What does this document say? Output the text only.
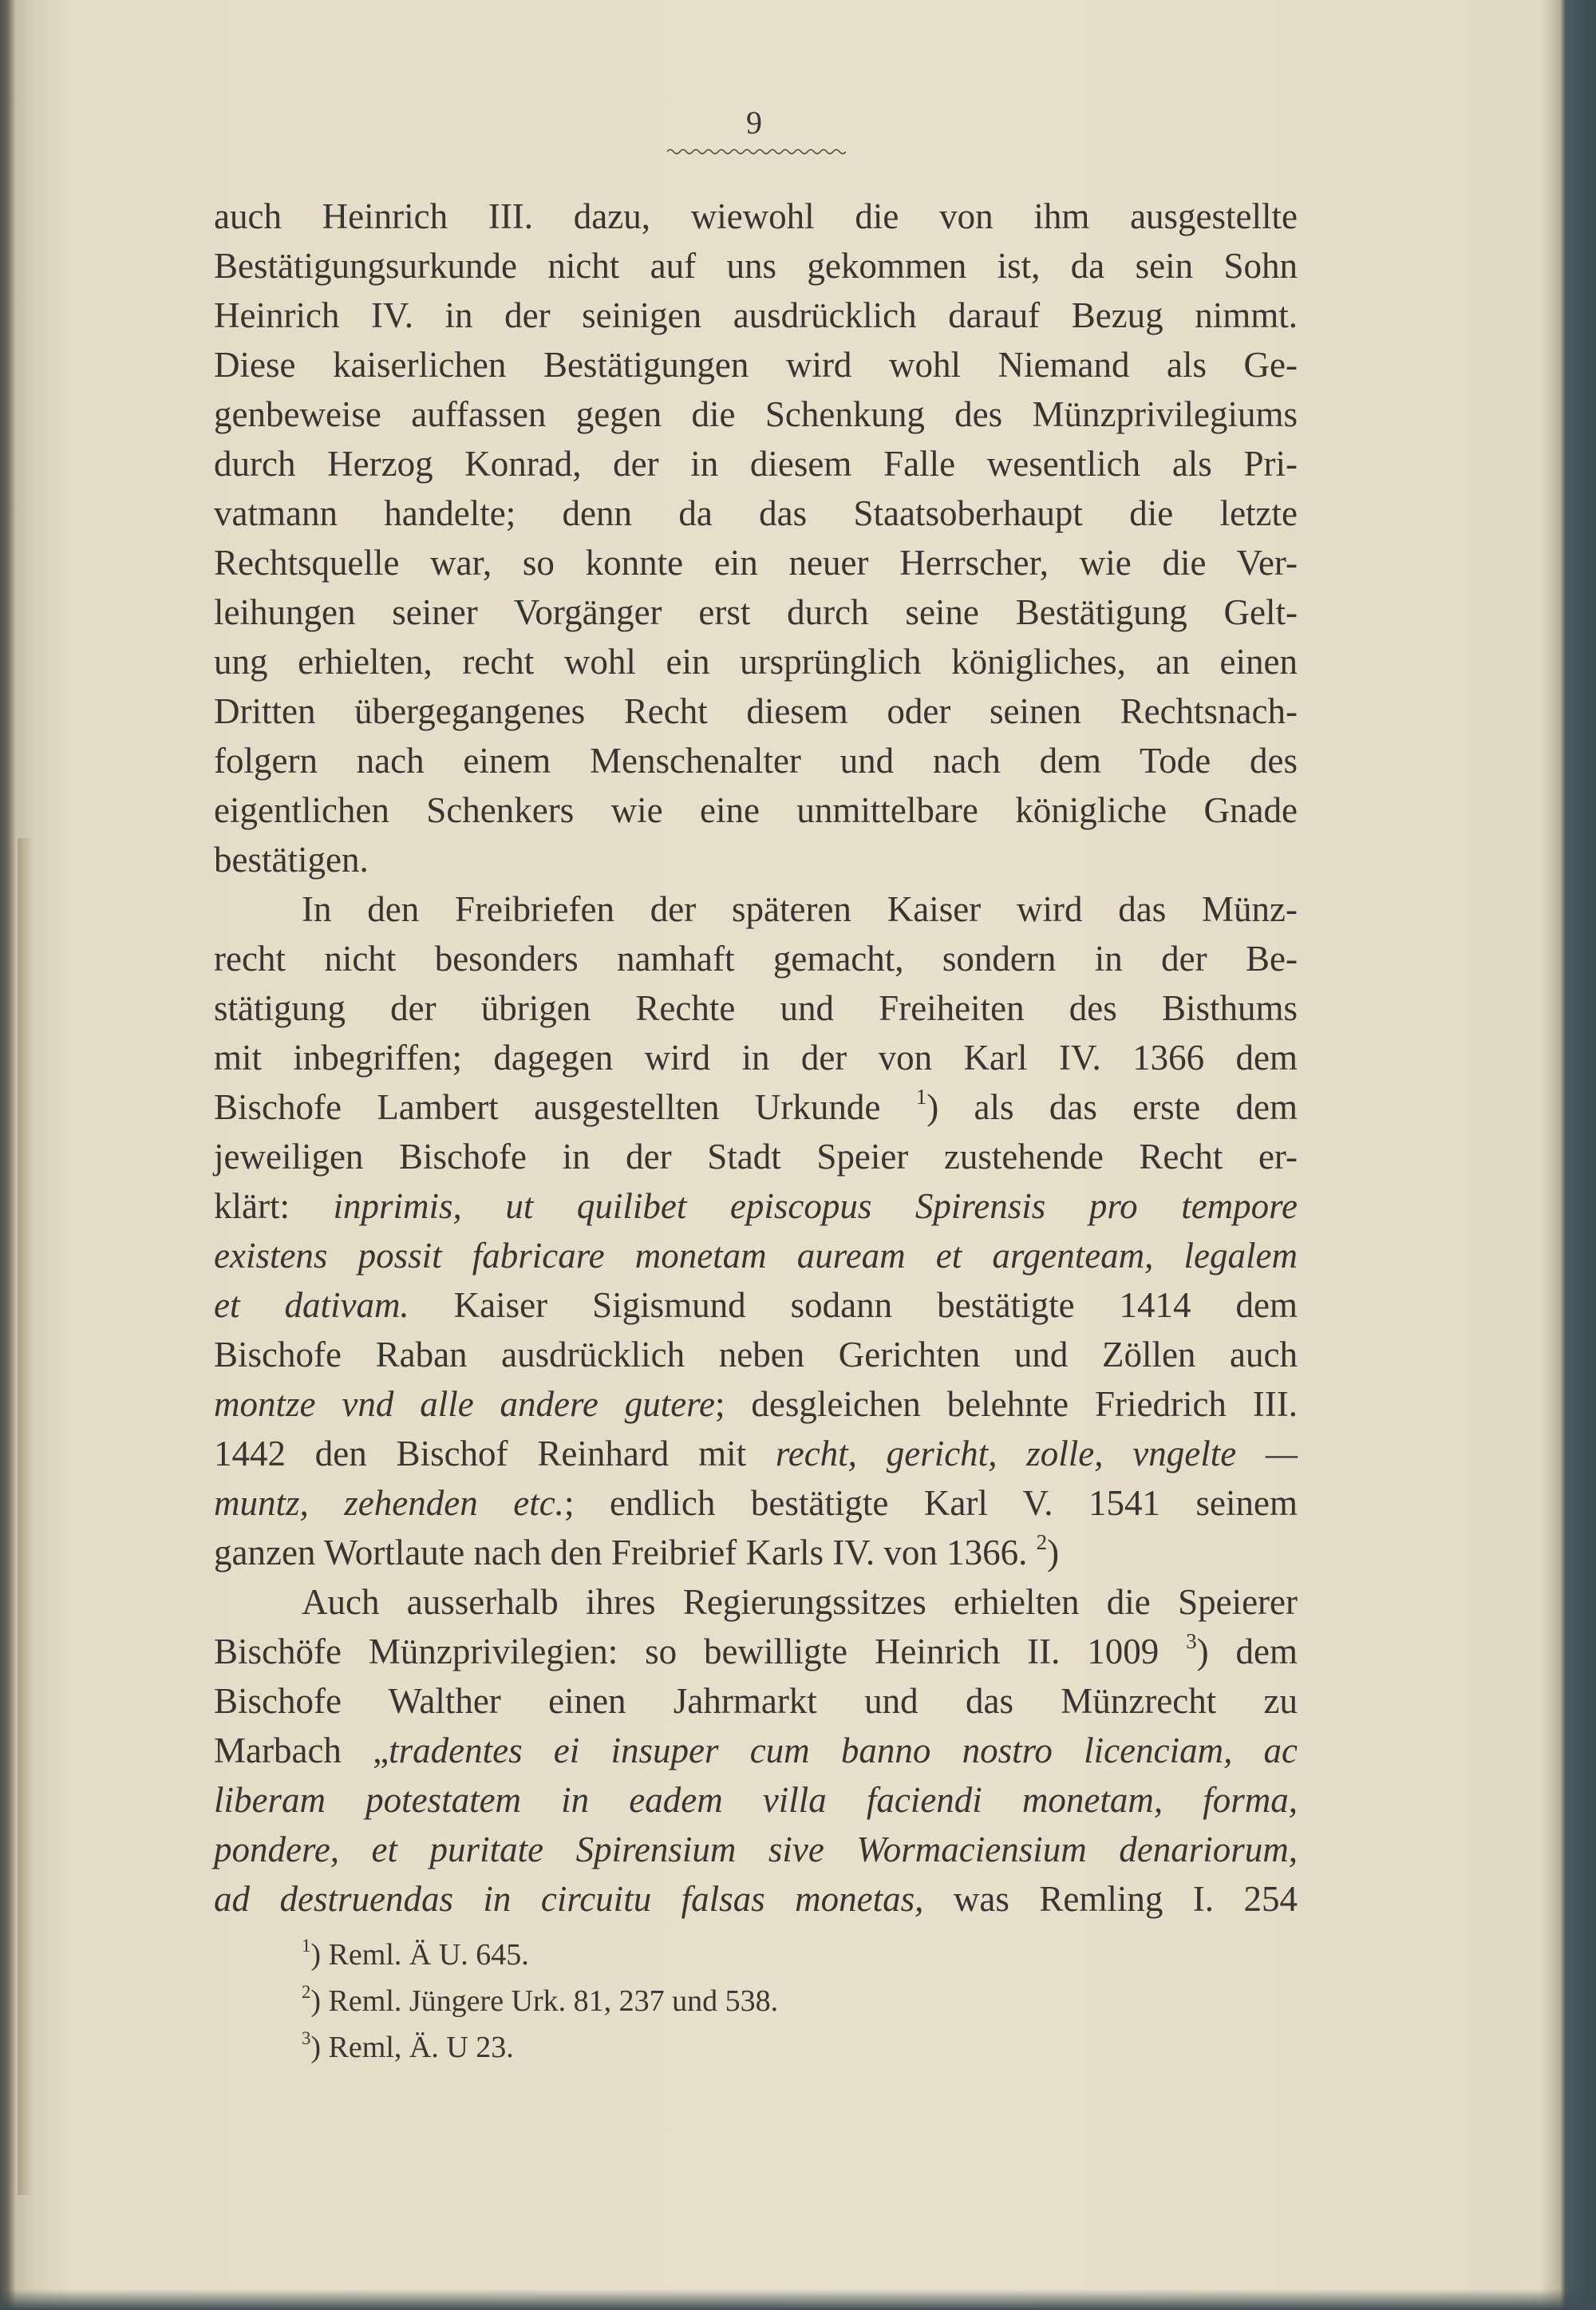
9
auch Heinrich III. dazu, wiewohl die von ihm ausgestellte
Bestätigungsurkunde nicht auf uns gekommen ist, da sein Sohn
Heinrich IV. in der seinigen ausdrücklich darauf Bezug nimmt.
Diese kaiserlichen Bestätigungen wird wohl Niemand als Ge-
genbeweise auffassen gegen die Schenkung des Münzprivilegiums
durch Herzog Konrad, der in diesem Falle wesentlich als Pri-
vatmann handelte; denn da das Staatsoberhaupt die letzte
Rechtsquelle war, so konnte ein neuer Herrscher, wie die Ver-
leihungen seiner Vorgänger erst durch seine Bestätigung Gelt-
ung erhielten, recht wohl ein ursprünglich königliches, an einen
Dritten übergegangenes Recht diesem oder seinen Rechtsnach-
folgern nach einem Menschenalter und nach dem Tode des
eigentlichen Schenkers wie eine unmittelbare königliche Gnade
bestätigen.
In den Freibriefen der späteren Kaiser wird das Münz-
recht nicht besonders namhaft gemacht, sondern in der Be-
stätigung der übrigen Rechte und Freiheiten des Bisthums
mit inbegriffen; dagegen wird in der von Karl IV. 1366 dem
Bischofe Lambert ausgestellten Urkunde $^1$) als das erste dem
jeweiligen Bischofe in der Stadt Speier zustehende Recht er-
klärt: inprimis, ut quilibet episcopus Spirensis pro tempore
existens possit fabricare monetam auream et argenteam, legalem
et dativam. Kaiser Sigismund sodann bestätigte 1414 dem
Bischofe Raban ausdrücklich neben Gerichten und Zöllen auch
montze vnd alle andere gutere; desgleichen belehnte Friedrich III.
1442 den Bischof Reinhard mit recht, gericht, zolle, vngelte —
muntz, zehenden etc.; endlich bestätigte Karl V. 1541 seinem
ganzen Wortlaute nach den Freibrief Karls IV. von 1366. $^2$)
Auch ausserhalb ihres Regierungssitzes erhielten die Speierer
Bischöfe Münzprivilegien: so bewilligte Heinrich II. 1009 $^3$) dem
Bischofe Walther einen Jahrmarkt und das Münzrecht zu
Marbach „tradentes ei insuper cum banno nostro licenciam, ac
liberam potestatem in eadem villa faciendi monetam, forma,
pondere, et puritate Spirensium sive Wormaciensium denariorum,
ad destruendas in circuitu falsas monetas, was Remling I. 254
$^1$) Reml. Ä U. 645.
$^2$) Reml. Jüngere Urk. 81, 237 und 538.
$^3$) Reml, Ä. U 23.
